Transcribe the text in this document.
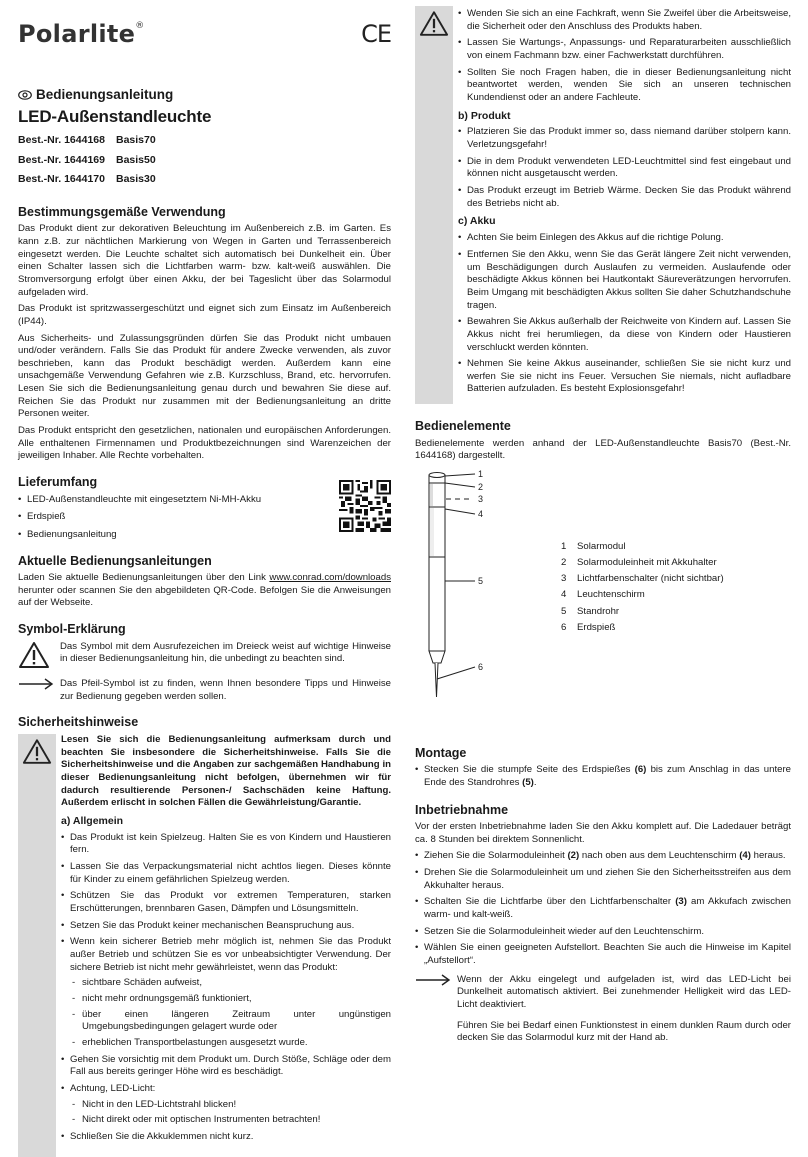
Polarlite®	CE
Bedienungsanleitung
LED-Außenstandleuchte
Best.-Nr. 1644168	Basis70
Best.-Nr. 1644169	Basis50
Best.-Nr. 1644170	Basis30
Bestimmungsgemäße Verwendung

Das Produkt dient zur dekorativen Beleuchtung im Außenbereich z.B. im Garten. Es kann z.B. zur nächtlichen Markierung von Wegen in Garten und Terrassenbereich eingesetzt werden. Die Leuchte schaltet sich automatisch bei Dunkelheit ein. Über einen Schalter lassen sich die Lichtfarben warm- bzw. kalt-weiß auswählen. Die Stromversorgung erfolgt über einen Akku, der bei Tageslicht über das Solarmodul aufgeladen wird.

Das Produkt ist spritzwassergeschützt und eignet sich zum Einsatz im Außenbereich (IP44).

Aus Sicherheits- und Zulassungsgründen dürfen Sie das Produkt nicht umbauen und/oder verändern. Falls Sie das Produkt für andere Zwecke verwenden, als zuvor beschrieben, kann das Produkt beschädigt werden. Außerdem kann eine unsachgemäße Verwendung Gefahren wie z.B. Kurzschluss, Brand, etc. hervorrufen. Lesen Sie sich die Bedienungsanleitung genau durch und bewahren Sie diese auf. Reichen Sie das Produkt nur zusammen mit der Bedienungsanleitung an dritte Personen weiter.

Das Produkt entspricht den gesetzlichen, nationalen und europäischen Anforderungen. Alle enthaltenen Firmennamen und Produktbezeichnungen sind Warenzeichen der jeweiligen Inhaber. Alle Rechte vorbehalten.

Lieferumfang
• LED-Außenstandleuchte mit eingesetztem Ni-MH-Akku
• Erdspieß
• Bedienungsanleitung
Aktuelle Bedienungsanleitungen

Laden Sie aktuelle Bedienungsanleitungen über den Link www.conrad.com/downloads herunter oder scannen Sie den abgebildeten QR-Code. Befolgen Sie die Anweisungen auf der Webseite.

Symbol-Erklärung
Das Symbol mit dem Ausrufezeichen im Dreieck weist auf wichtige Hinweise in dieser Bedienungsanleitung hin, die unbedingt zu beachten sind.
Das Pfeil-Symbol ist zu finden, wenn Ihnen besondere Tipps und Hinweise zur Bedienung gegeben werden sollen.
Sicherheitshinweise

Lesen Sie sich die Bedienungsanleitung aufmerksam durch und beachten Sie insbesondere die Sicherheitshinweise. Falls Sie die Sicherheitshinweise und die Angaben zur sachgemäßen Handhabung in dieser Bedienungsanleitung nicht befolgen, übernehmen wir für dadurch resultierende Personen-/ Sachschäden keine Haftung. Außerdem erlischt in solchen Fällen die Gewährleistung/Garantie.

a) Allgemein
• Das Produkt ist kein Spielzeug. Halten Sie es von Kindern und Haustieren fern.
• Lassen Sie das Verpackungsmaterial nicht achtlos liegen. Dieses könnte für Kinder zu einem gefährlichen Spielzeug werden.
• Schützen Sie das Produkt vor extremen Temperaturen, starken Erschütterungen, brennbaren Gasen, Dämpfen und Lösungsmitteln.
• Setzen Sie das Produkt keiner mechanischen Beanspruchung aus.
• Wenn kein sicherer Betrieb mehr möglich ist, nehmen Sie das Produkt außer Betrieb und schützen Sie es vor unbeabsichtigter Verwendung. Der sichere Betrieb ist nicht mehr gewährleistet, wenn das Produkt:
- sichtbare Schäden aufweist,
- nicht mehr ordnungsgemäß funktioniert,
- über einen längeren Zeitraum unter ungünstigen Umgebungsbedingungen gelagert wurde oder
- erheblichen Transportbelastungen ausgesetzt wurde.
• Gehen Sie vorsichtig mit dem Produkt um. Durch Stöße, Schläge oder dem Fall aus bereits geringer Höhe wird es beschädigt.
• Achtung, LED-Licht:
- Nicht in den LED-Lichtstrahl blicken!
- Nicht direkt oder mit optischen Instrumenten betrachten!
• Schließen Sie die Akkuklemmen nicht kurz.
• Wenden Sie sich an eine Fachkraft, wenn Sie Zweifel über die Arbeitsweise, die Sicherheit oder den Anschluss des Produkts haben.
• Lassen Sie Wartungs-, Anpassungs- und Reparaturarbeiten ausschließlich von einem Fachmann bzw. einer Fachwerkstatt durchführen.
• Sollten Sie noch Fragen haben, die in dieser Bedienungsanleitung nicht beantwortet werden, wenden Sie sich an unseren technischen Kundendienst oder an andere Fachleute.
b) Produkt
• Platzieren Sie das Produkt immer so, dass niemand darüber stolpern kann. Verletzungsgefahr!
• Die in dem Produkt verwendeten LED-Leuchtmittel sind fest eingebaut und können nicht ausgetauscht werden.
• Das Produkt erzeugt im Betrieb Wärme. Decken Sie das Produkt während des Betriebs nicht ab.
c) Akku
• Achten Sie beim Einlegen des Akkus auf die richtige Polung.
• Entfernen Sie den Akku, wenn Sie das Gerät längere Zeit nicht verwenden, um Beschädigungen durch Auslaufen zu vermeiden. Auslaufende oder beschädigte Akkus können bei Hautkontakt Säureverätzungen hervorrufen. Beim Umgang mit beschädigten Akkus sollten Sie daher Schutzhandschuhe tragen.
• Bewahren Sie Akkus außerhalb der Reichweite von Kindern auf. Lassen Sie Akkus nicht frei herumliegen, da diese von Kindern oder Haustieren verschluckt werden könnten.
• Nehmen Sie keine Akkus auseinander, schließen Sie sie nicht kurz und werfen Sie sie nicht ins Feuer. Versuchen Sie niemals, nicht aufladbare Batterien aufzuladen. Es besteht Explosionsgefahr!
Bedienelemente

Bedienelemente werden anhand der LED-Außenstandleuchte Basis70 (Best.-Nr. 1644168) dargestellt.

1
2
3
4
5
6
1	Solarmodul
2	Solarmoduleinheit mit Akkuhalter
3	Lichtfarbenschalter (nicht sichtbar)
4	Leuchtenschirm
5	Standrohr
6	Erdspieß
Montage
• Stecken Sie die stumpfe Seite des Erdspießes (6) bis zum Anschlag in das untere Ende des Standrohres (5).
Inbetriebnahme

Vor der ersten Inbetriebnahme laden Sie den Akku komplett auf. Die Ladedauer beträgt ca. 8 Stunden bei direktem Sonnenlicht.

• Ziehen Sie die Solarmoduleinheit (2) nach oben aus dem Leuchtenschirm (4) heraus.
• Drehen Sie die Solarmoduleinheit um und ziehen Sie den Sicherheitsstreifen aus dem Akkuhalter heraus.
• Schalten Sie die Lichtfarbe über den Lichtfarbenschalter (3) am Akkufach zwischen warm- und kalt-weiß.
• Setzen Sie die Solarmoduleinheit wieder auf den Leuchtenschirm.
• Wählen Sie einen geeigneten Aufstellort. Beachten Sie auch die Hinweise im Kapitel „Aufstellort“.

Wenn der Akku eingelegt und aufgeladen ist, wird das LED-Licht bei Dunkelheit automatisch aktiviert. Bei zunehmender Helligkeit wird das LED-Licht deaktiviert.

Führen Sie bei Bedarf einen Funktionstest in einem dunklen Raum durch oder decken Sie das Solarmodul kurz mit der Hand ab.
